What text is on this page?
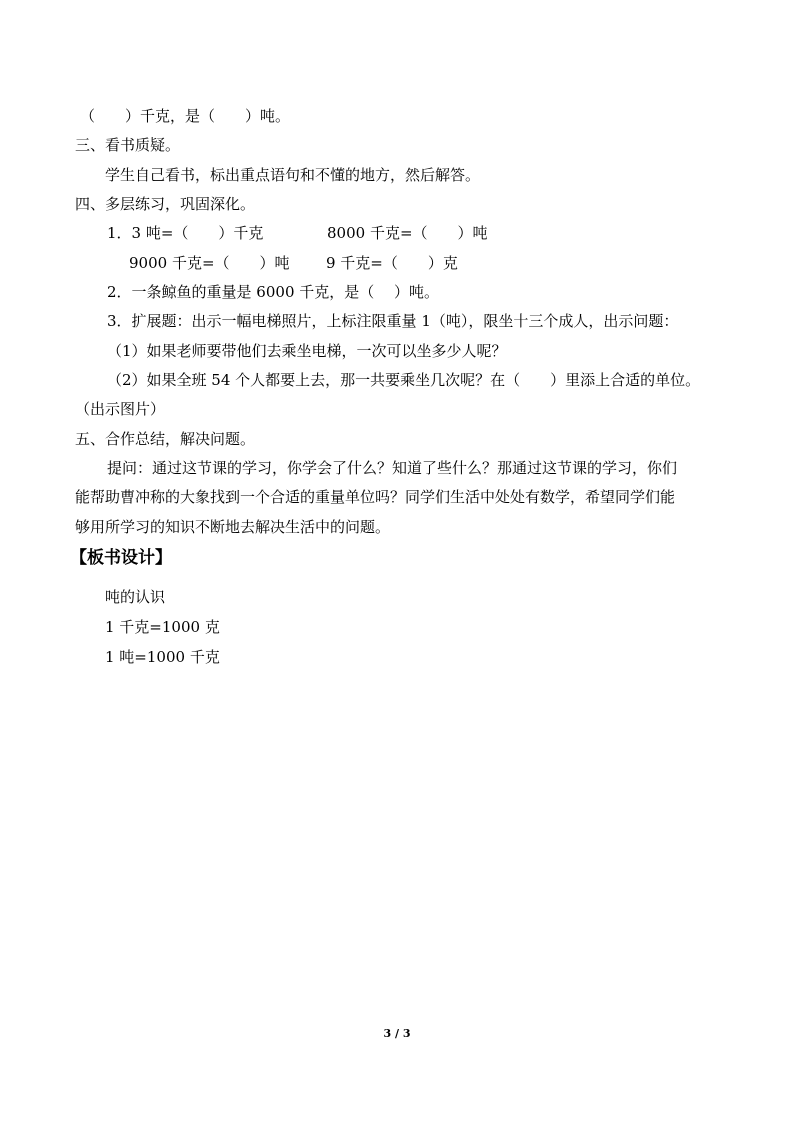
（　　）千克，是（　　）吨。
三、看书质疑。
学生自己看书，标出重点语句和不懂的地方，然后解答。
四、多层练习，巩固深化。
1．3 吨=（　　）千克	8000 千克=（　　）吨
9000 千克=（　　）吨 9 千克=（　　）克
2．一条鲸鱼的重量是 6000 千克，是（　 ）吨。
3．扩展题：出示一幅电梯照片，上标注限重量 1（吨），限坐十三个成人，出示问题：
（1）如果老师要带他们去乘坐电梯，一次可以坐多少人呢？
（2）如果全班 54 个人都要上去，那一共要乘坐几次呢？在（　　）里添上合适的单位。
（出示图片）
五、合作总结，解决问题。
提问：通过这节课的学习，你学会了什么？知道了些什么？那通过这节课的学习，你们
能帮助曹冲称的大象找到一个合适的重量单位吗？同学们生活中处处有数学，希望同学们能
够用所学习的知识不断地去解决生活中的问题。
【板书设计】
吨的认识
1 千克=1000 克
1 吨=1000 千克
3 / 3
